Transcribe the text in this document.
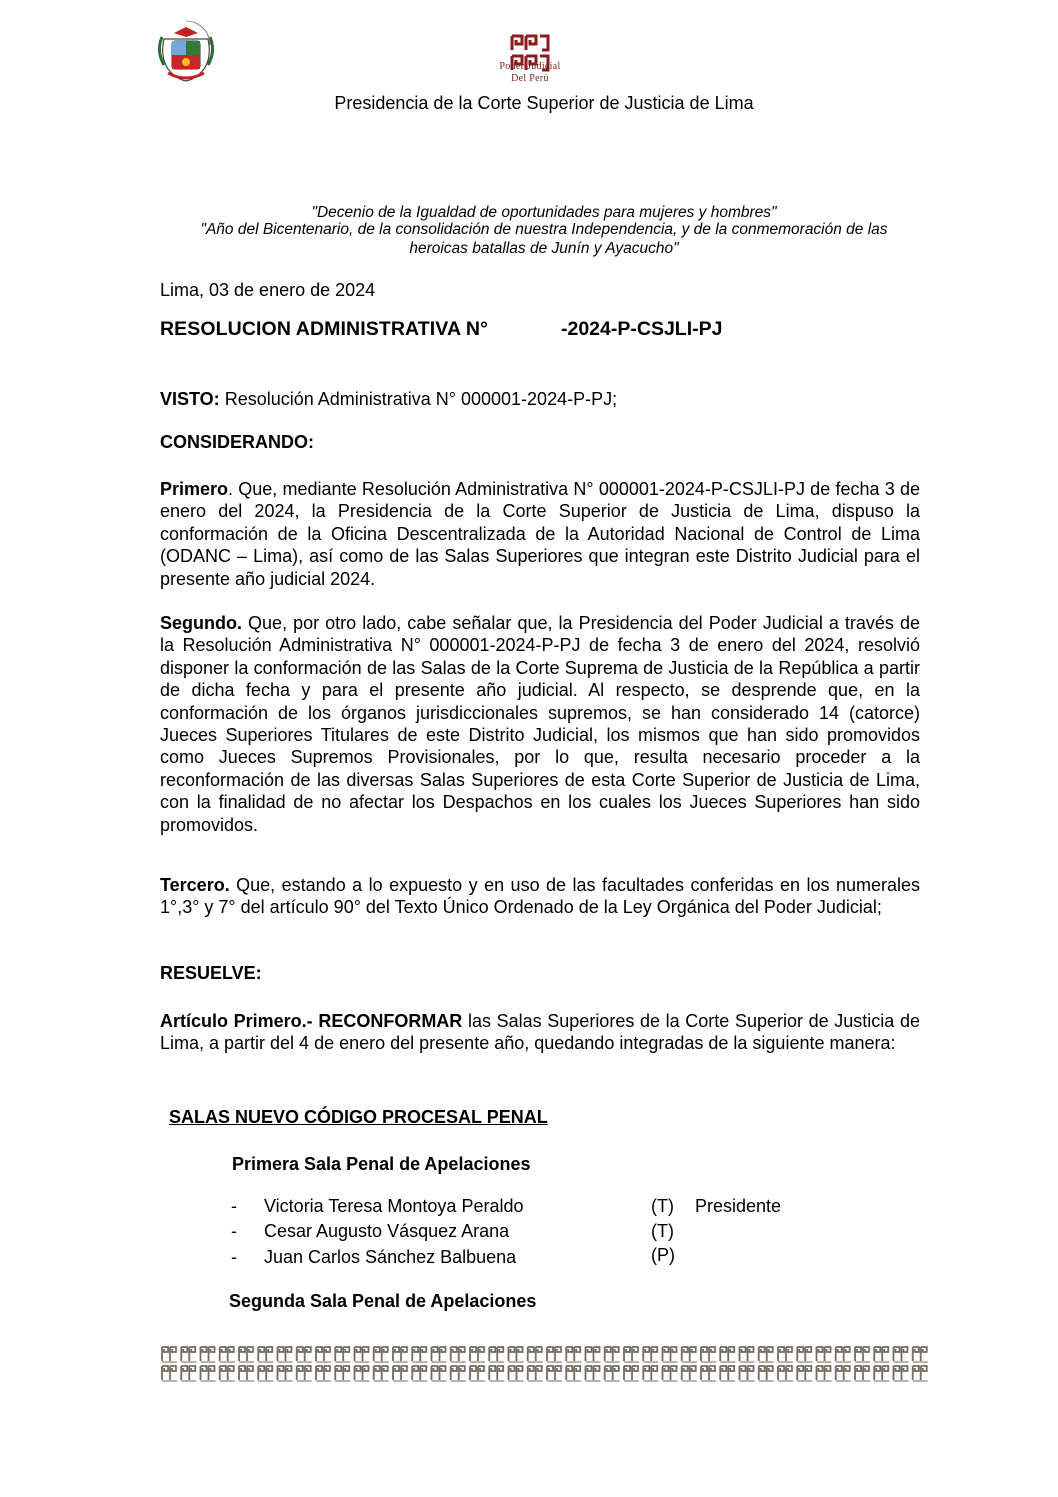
Poder Judicial
Del Perú
Presidencia de la Corte Superior de Justicia de Lima
"Decenio de la Igualdad de oportunidades para mujeres y hombres"
"Año del Bicentenario, de la consolidación de nuestra Independencia, y de la conmemoración de las
heroicas batallas de Junín y Ayacucho"
Lima, 03 de enero de 2024
RESOLUCION ADMINISTRATIVA N°	-2024-P-CSJLI-PJ
VISTO: Resolución Administrativa N° 000001-2024-P-PJ;
CONSIDERANDO:
Primero. Que, mediante Resolución Administrativa N° 000001-2024-P-CSJLI-PJ de fecha 3 de enero del 2024, la Presidencia de la Corte Superior de Justicia de Lima, dispuso la conformación de la Oficina Descentralizada de la Autoridad Nacional de Control de Lima (ODANC – Lima), así como de las Salas Superiores que integran este Distrito Judicial para el presente año judicial 2024.
Segundo. Que, por otro lado, cabe señalar que, la Presidencia del Poder Judicial a través de la Resolución Administrativa N° 000001-2024-P-PJ de fecha 3 de enero del 2024, resolvió disponer la conformación de las Salas de la Corte Suprema de Justicia de la República a partir de dicha fecha y para el presente año judicial. Al respecto, se desprende que, en la conformación de los órganos jurisdiccionales supremos, se han considerado 14 (catorce) Jueces Superiores Titulares de este Distrito Judicial, los mismos que han sido promovidos como Jueces Supremos Provisionales, por lo que, resulta necesario proceder a la reconformación de las diversas Salas Superiores de esta Corte Superior de Justicia de Lima, con la finalidad de no afectar los Despachos en los cuales los Jueces Superiores han sido promovidos.
Tercero. Que, estando a lo expuesto y en uso de las facultades conferidas en los numerales 1°,3° y 7° del artículo 90° del Texto Único Ordenado de la Ley Orgánica del Poder Judicial;
RESUELVE:
Artículo Primero.- RECONFORMAR las Salas Superiores de la Corte Superior de Justicia de Lima, a partir del 4 de enero del presente año, quedando integradas de la siguiente manera:
SALAS NUEVO CÓDIGO PROCESAL PENAL
Primera Sala Penal de Apelaciones
- Victoria Teresa Montoya Peraldo	(T) Presidente
- Cesar Augusto Vásquez Arana	(T)
- Juan Carlos Sánchez Balbuena	(P)
Segunda Sala Penal de Apelaciones
